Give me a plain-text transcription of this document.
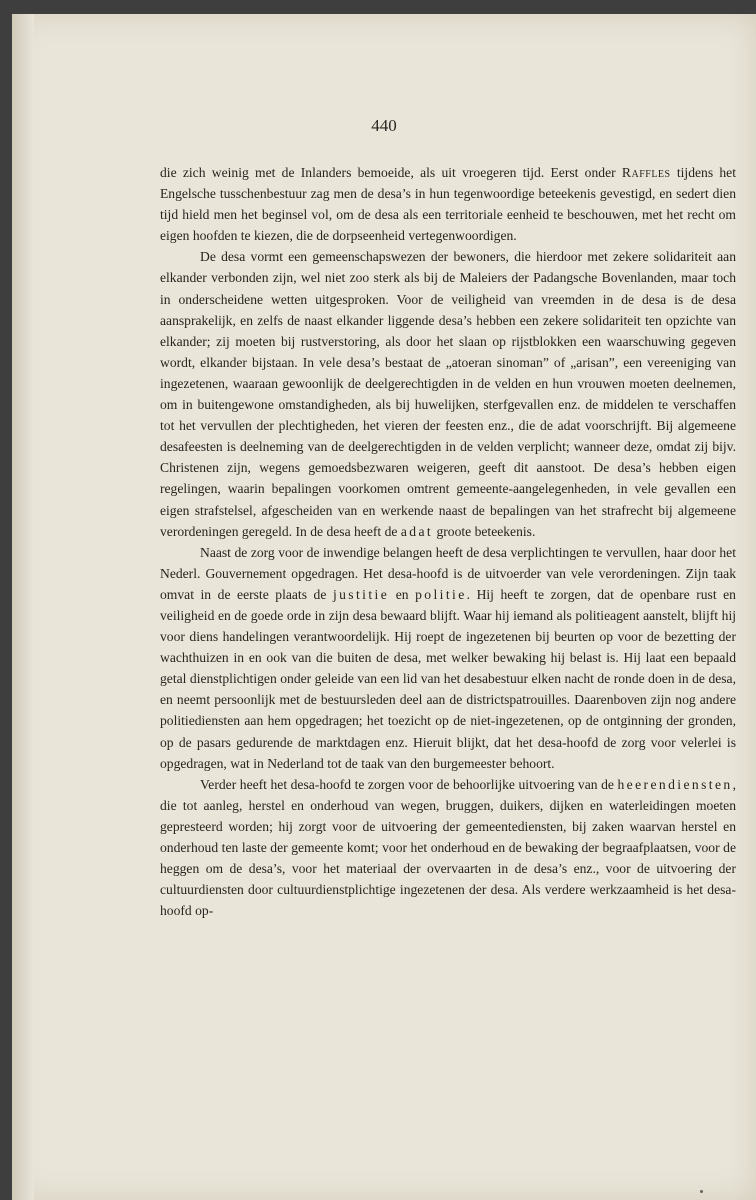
440

die zich weinig met de Inlanders bemoeide, als uit vroegeren tijd. Eerst onder Raffles tijdens het Engelsche tusschenbestuur zag men de desa’s in hun tegenwoordige beteekenis gevestigd, en sedert dien tijd hield men het beginsel vol, om de desa als een territoriale eenheid te beschouwen, met het recht om eigen hoofden te kiezen, die de dorpseenheid vertegenwoordigen.

De desa vormt een gemeenschapswezen der bewoners, die hierdoor met zekere solidariteit aan elkander verbonden zijn, wel niet zoo sterk als bij de Maleiers der Padangsche Bovenlanden, maar toch in onderscheidene wetten uitgesproken. Voor de veiligheid van vreemden in de desa is de desa aansprakelijk, en zelfs de naast elkander liggende desa’s hebben een zekere solidariteit ten opzichte van elkander; zij moeten bij rustverstoring, als door het slaan op rijstblokken een waarschuwing gegeven wordt, elkander bijstaan. In vele desa’s bestaat de „atoeran sinoman” of „arisan”, een vereeniging van ingezetenen, waaraan gewoonlijk de deelgerechtigden in de velden en hun vrouwen moeten deelnemen, om in buitengewone omstandigheden, als bij huwelijken, sterfgevallen enz. de middelen te verschaffen tot het vervullen der plechtigheden, het vieren der feesten enz., die de adat voorschrijft. Bij algemeene desafeesten is deelneming van de deelgerechtigden in de velden verplicht; wanneer deze, omdat zij bijv. Christenen zijn, wegens gemoedsbezwaren weigeren, geeft dit aanstoot. De desa’s hebben eigen regelingen, waarin bepalingen voorkomen omtrent gemeente-aangelegenheden, in vele gevallen een eigen strafstelsel, afgescheiden van en werkende naast de bepalingen van het strafrecht bij algemeene verordeningen geregeld. In de desa heeft de adat groote beteekenis.

Naast de zorg voor de inwendige belangen heeft de desa verplichtingen te vervullen, haar door het Nederl. Gouvernement opgedragen. Het desa-hoofd is de uitvoerder van vele verordeningen. Zijn taak omvat in de eerste plaats de justitie en politie. Hij heeft te zorgen, dat de openbare rust en veiligheid en de goede orde in zijn desa bewaard blijft. Waar hij iemand als politieagent aanstelt, blijft hij voor diens handelingen verantwoordelijk. Hij roept de ingezetenen bij beurten op voor de bezetting der wachthuizen in en ook van die buiten de desa, met welker bewaking hij belast is. Hij laat een bepaald getal dienstplichtigen onder geleide van een lid van het desabestuur elken nacht de ronde doen in de desa, en neemt persoonlijk met de bestuursleden deel aan de districtspatrouilles. Daarenboven zijn nog andere politiediensten aan hem opgedragen; het toezicht op de niet-ingezetenen, op de ontginning der gronden, op de pasars gedurende de marktdagen enz. Hieruit blijkt, dat het desa-hoofd de zorg voor velerlei is opgedragen, wat in Nederland tot de taak van den burgemeester behoort.

Verder heeft het desa-hoofd te zorgen voor de behoorlijke uitvoering van de heerendiensten, die tot aanleg, herstel en onderhoud van wegen, bruggen, duikers, dijken en waterleidingen moeten gepresteerd worden; hij zorgt voor de uitvoering der gemeentediensten, bij zaken waarvan herstel en onderhoud ten laste der gemeente komt; voor het onderhoud en de bewaking der begraafplaatsen, voor de heggen om de desa’s, voor het materiaal der overvaarten in de desa’s enz., voor de uitvoering der cultuurdiensten door cultuurdienstplichtige ingezetenen der desa. Als verdere werkzaamheid is het desa-hoofd op-
